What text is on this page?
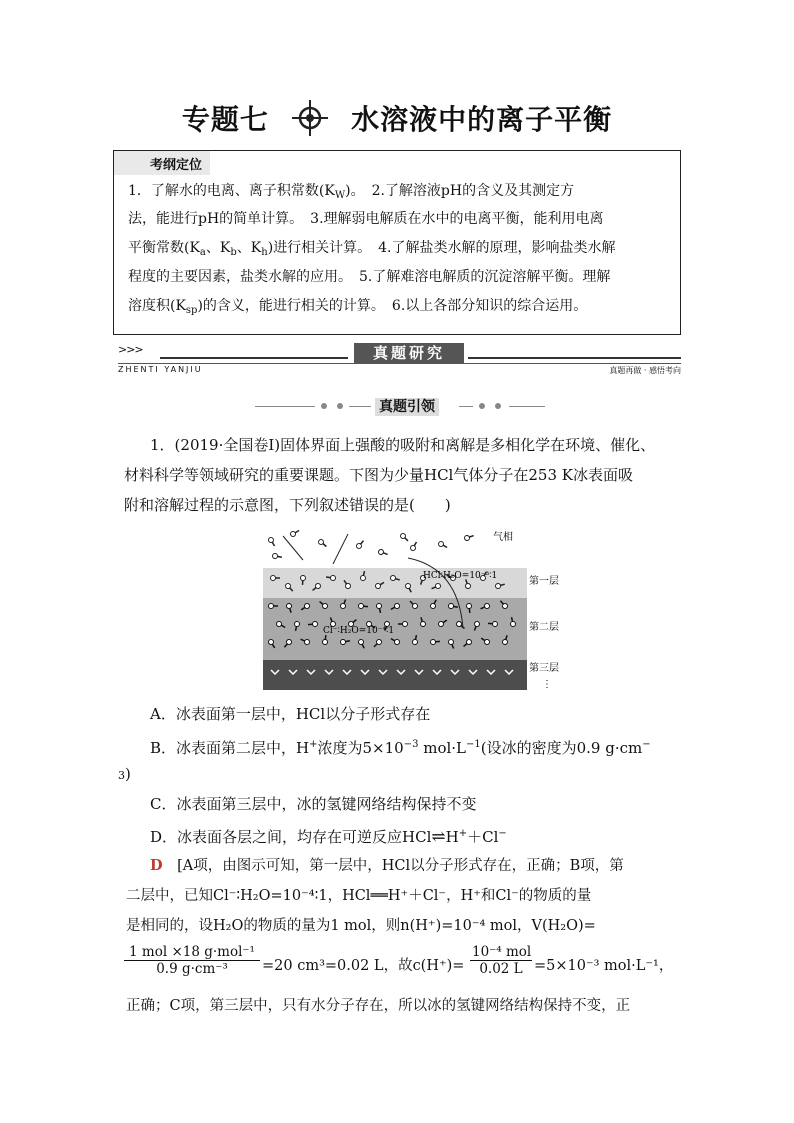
专题七	水溶液中的离子平衡
考纲定位
1．了解水的电离、离子积常数$(K_W)$。　2.了解溶液pH的含义及其测定方
法，能进行pH的简单计算。　3.理解弱电解质在水中的电离平衡，能利用电离
平衡常数($K_a$、$K_b$、$K_h$)进行相关计算。　4.了解盐类水解的原理，影响盐类水解
程度的主要因素，盐类水解的应用。　5.了解难溶电解质的沉淀溶解平衡。理解
溶度积$(K_{sp})$的含义，能进行相关的计算。　6.以上各部分知识的综合运用。
>>>	真题研究
ZHENTI YANJIU	真题再做 · 感悟考向
真题引领
1．(2019·全国卷Ⅰ)固体界面上强酸的吸附和离解是多相化学在环境、催化、
材料科学等领域研究的重要课题。下图为少量HCl气体分子在253 K冰表面吸
附和溶解过程的示意图，下列叙述错误的是(　　)
气相
第一层
第二层
第三层
⋮
HCl∶H₂O=10⁻³∶1
Cl⁻∶H₂O=10⁻⁴∶1
A．冰表面第一层中，HCl以分子形式存在
B．冰表面第二层中，H+浓度为$5\times 10^{-3}$ $mol\cdot L^{-1}$(设冰的密度为0.9 g·cm−
3)
C．冰表面第三层中，冰的氢键网络结构保持不变
D．冰表面各层之间，均存在可逆反应HCl⇌H+＋Cl−
D  [A项，由图示可知，第一层中，HCl以分子形式存在，正确；B项，第
二层中，已知Cl⁻∶H₂O=10⁻⁴∶1，HCl══H⁺＋Cl⁻，H⁺和Cl⁻的物质的量
是相同的，设H₂O的物质的量为1 mol，则n(H⁺)=10⁻⁴ mol，V(H₂O)=
1 mol ×18 g·mol⁻¹
0.9 g·cm⁻³	=20 cm³=0.02 L，故c(H⁺)=
10⁻⁴ mol
0.02 L =5×10⁻³ mol·L⁻¹，
正确；C项，第三层中，只有水分子存在，所以冰的氢键网络结构保持不变，正
